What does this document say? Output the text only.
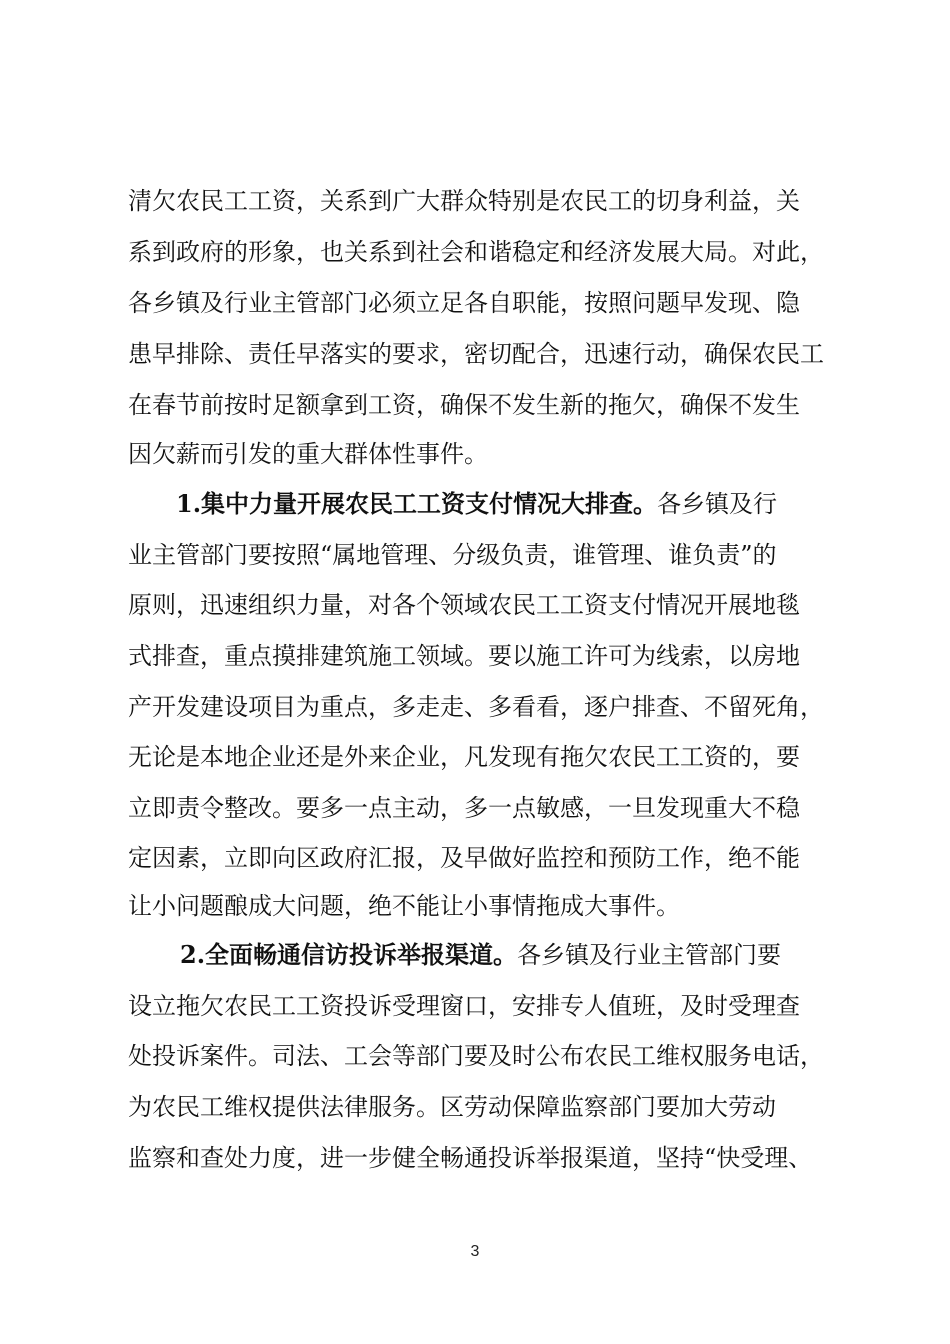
清欠农民工工资，关系到广大群众特别是农民工的切身利益，关
系到政府的形象，也关系到社会和谐稳定和经济发展大局。对此，
各乡镇及行业主管部门必须立足各自职能，按照问题早发现、隐
患早排除、责任早落实的要求，密切配合，迅速行动，确保农民工
在春节前按时足额拿到工资，确保不发生新的拖欠，确保不发生
因欠薪而引发的重大群体性事件。
1.集中力量开展农民工工资支付情况大排查。各乡镇及行
业主管部门要按照“属地管理、分级负责，谁管理、谁负责”的
原则，迅速组织力量，对各个领域农民工工资支付情况开展地毯
式排查，重点摸排建筑施工领域。要以施工许可为线索，以房地
产开发建设项目为重点，多走走、多看看，逐户排查、不留死角，
无论是本地企业还是外来企业，凡发现有拖欠农民工工资的，要
立即责令整改。要多一点主动，多一点敏感，一旦发现重大不稳
定因素，立即向区政府汇报，及早做好监控和预防工作，绝不能
让小问题酿成大问题，绝不能让小事情拖成大事件。
2.全面畅通信访投诉举报渠道。各乡镇及行业主管部门要
设立拖欠农民工工资投诉受理窗口，安排专人值班，及时受理查
处投诉案件。司法、工会等部门要及时公布农民工维权服务电话，
为农民工维权提供法律服务。区劳动保障监察部门要加大劳动
监察和查处力度，进一步健全畅通投诉举报渠道，坚持“快受理、
3
